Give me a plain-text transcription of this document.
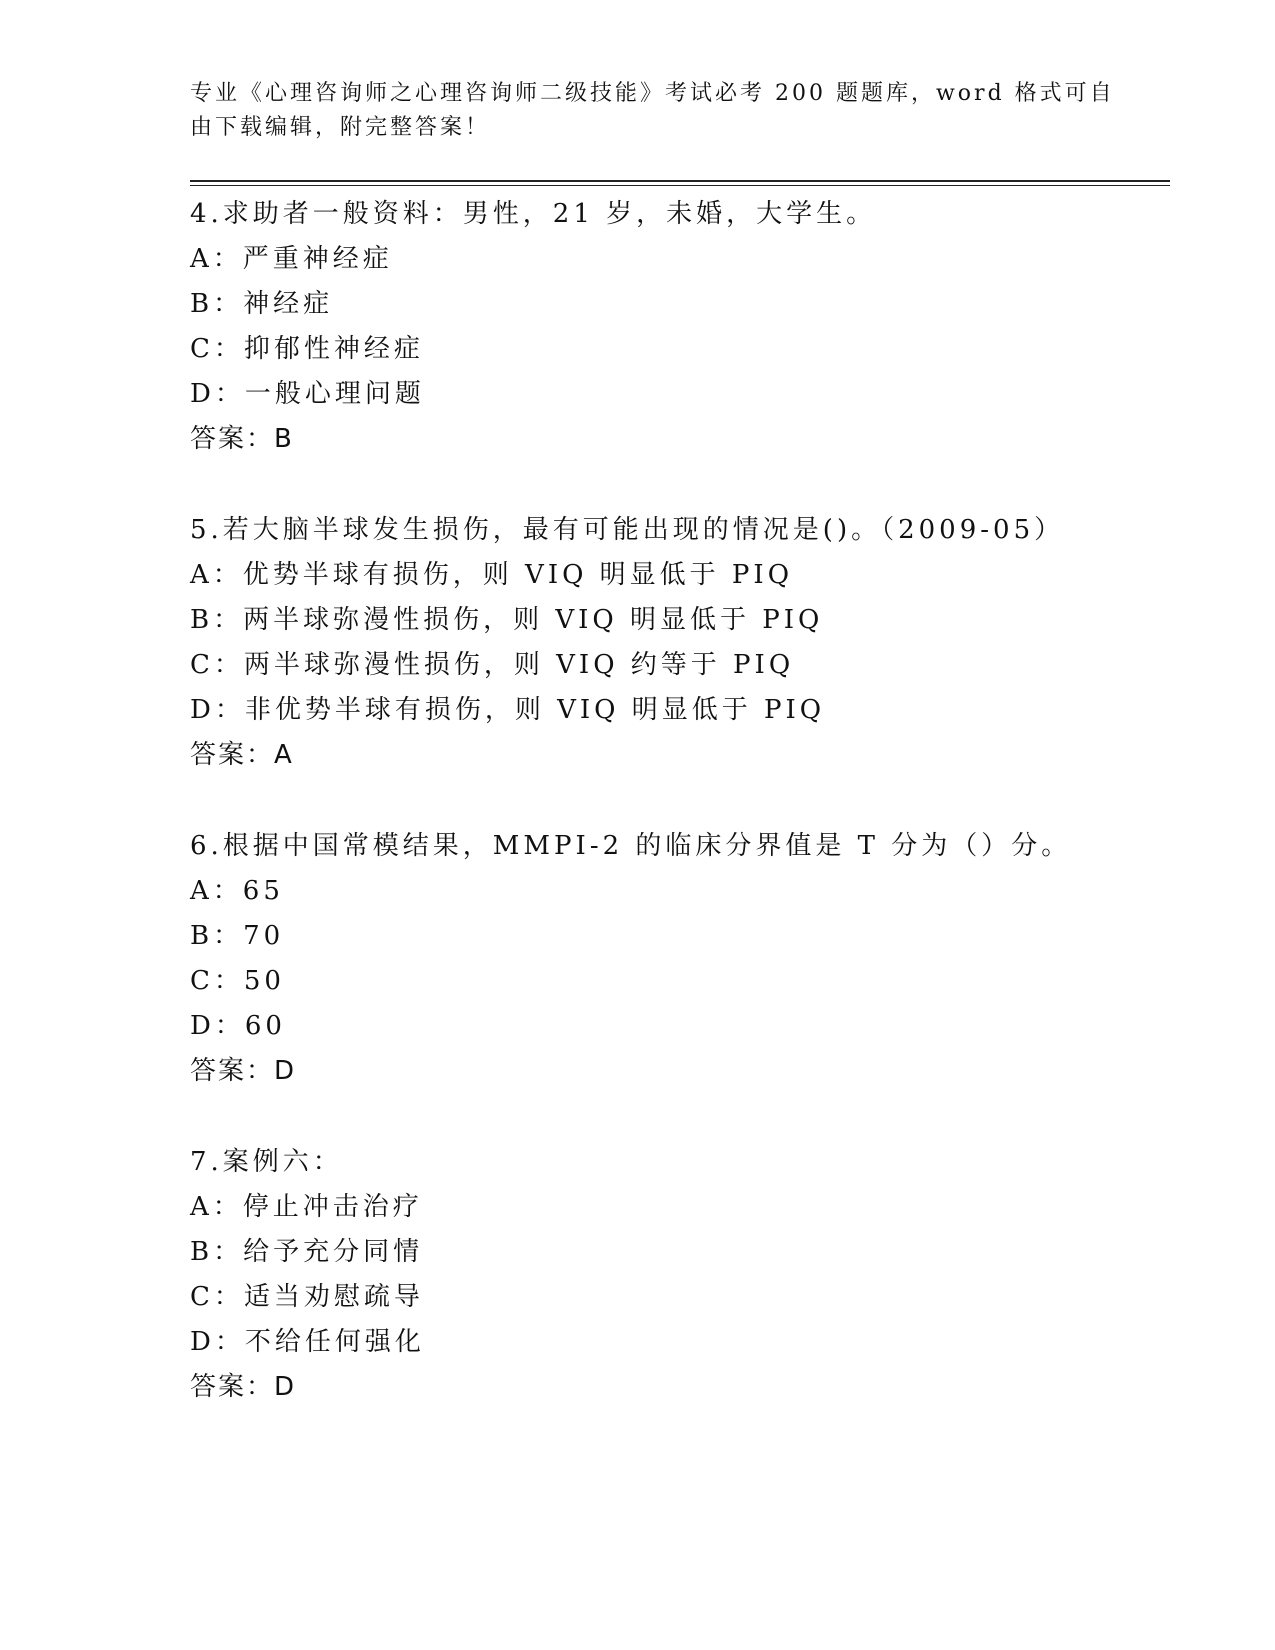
专业《心理咨询师之心理咨询师二级技能》考试必考 200 题题库，word 格式可自
由下载编辑，附完整答案！
4.求助者一般资料：男性，21 岁，未婚，大学生。
A：严重神经症
B：神经症
C：抑郁性神经症
D：一般心理问题
答案：B
5.若大脑半球发生损伤，最有可能出现的情况是()。（2009-05）
A：优势半球有损伤，则 VIQ 明显低于 PIQ
B：两半球弥漫性损伤，则 VIQ 明显低于 PIQ
C：两半球弥漫性损伤，则 VIQ 约等于 PIQ
D：非优势半球有损伤，则 VIQ 明显低于 PIQ
答案：A
6.根据中国常模结果，MMPI-2 的临床分界值是 T 分为（）分。
A：65
B：70
C：50
D：60
答案：D
7.案例六：
A：停止冲击治疗
B：给予充分同情
C：适当劝慰疏导
D：不给任何强化
答案：D
